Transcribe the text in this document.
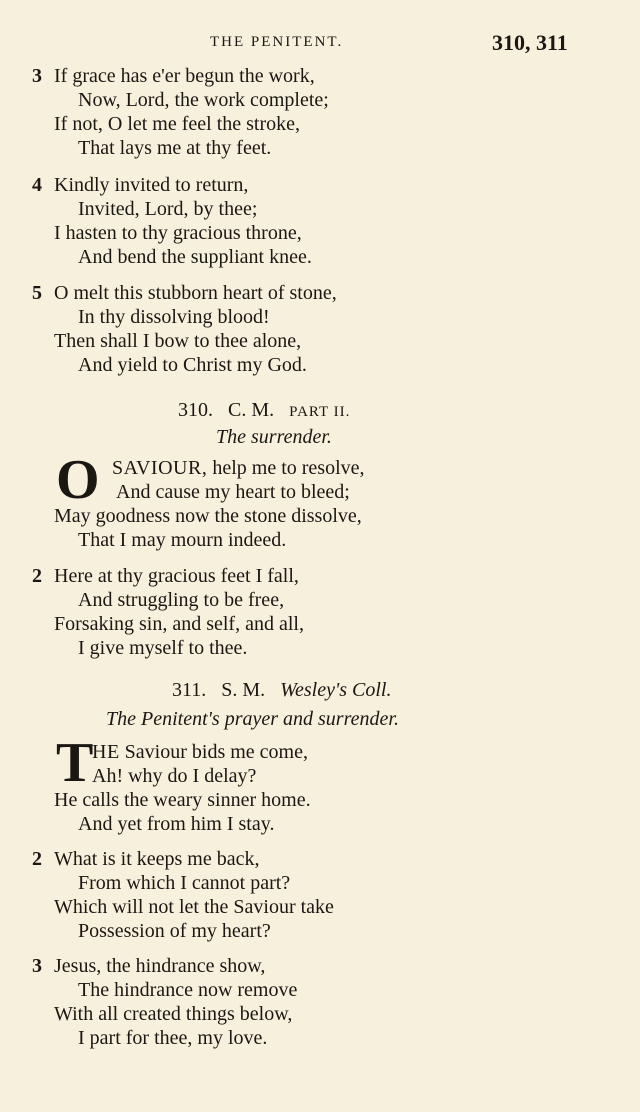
THE PENITENT.	310, 311
3 If grace has e'er begun the work,
Now, Lord, the work complete;
If not, O let me feel the stroke,
That lays me at thy feet.
4 Kindly invited to return,
Invited, Lord, by thee;
I hasten to thy gracious throne,
And bend the suppliant knee.
5 O melt this stubborn heart of stone,
In thy dissolving blood!
Then shall I bow to thee alone,
And yield to Christ my God.
310. C. M. PART II.
The surrender.
O SAVIOUR, help me to resolve,
And cause my heart to bleed;
May goodness now the stone dissolve,
That I may mourn indeed.
2 Here at thy gracious feet I fall,
And struggling to be free,
Forsaking sin, and self, and all,
I give myself to thee.
311. S. M. Wesley's Coll.
The Penitent's prayer and surrender.
T
HE Saviour bids me come,
Ah! why do I delay?
He calls the weary sinner home.
And yet from him I stay.
2 What is it keeps me back,
From which I cannot part?
Which will not let the Saviour take
Possession of my heart?
3 Jesus, the hindrance show,
The hindrance now remove
With all created things below,
I part for thee, my love.
